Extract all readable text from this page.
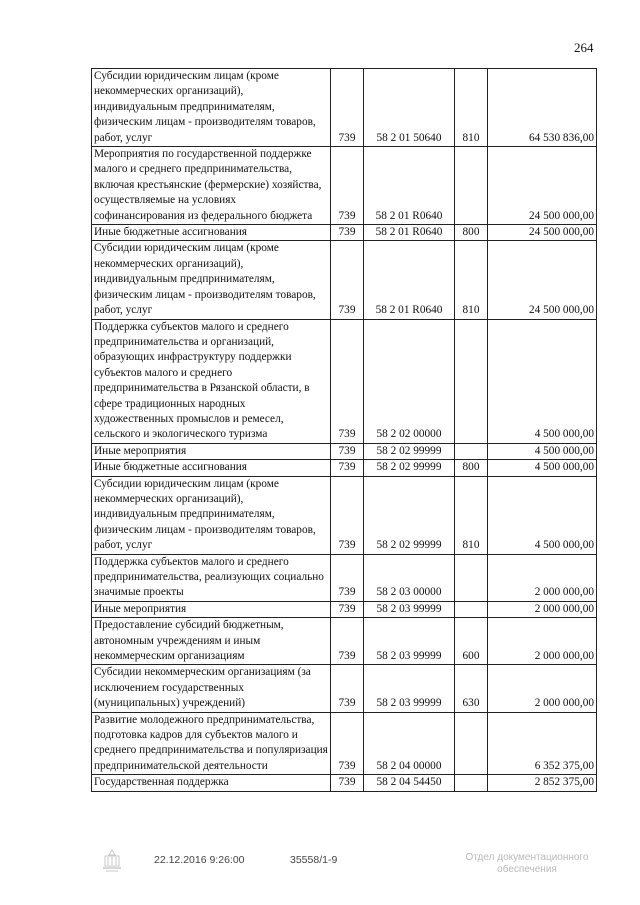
264
Субсидии юридическим лицам (кроме некоммерческих организаций), индивидуальным предпринимателям, физическим лицам - производителям товаров, работ, услуг	739	58 2 01 50640	810	64 530 836,00

Мероприятия по государственной поддержке малого и среднего предпринимательства, включая крестьянские (фермерские) хозяйства, осуществляемые на условиях софинансирования из федерального бюджета	739	58 2 01 R0640		24 500 000,00

Иные бюджетные ассигнования	739	58 2 01 R0640	800	24 500 000,00

Субсидии юридическим лицам (кроме некоммерческих организаций), индивидуальным предпринимателям, физическим лицам - производителям товаров, работ, услуг	739	58 2 01 R0640	810	24 500 000,00

Поддержка субъектов малого и среднего предпринимательства и организаций, образующих инфраструктуру поддержки субъектов малого и среднего предпринимательства в Рязанской области, в сфере традиционных народных художественных промыслов и ремесел, сельского и экологического туризма	739	58 2 02 00000		4 500 000,00

Иные мероприятия	739	58 2 02 99999		4 500 000,00

Иные бюджетные ассигнования	739	58 2 02 99999	800	4 500 000,00

Субсидии юридическим лицам (кроме некоммерческих организаций), индивидуальным предпринимателям, физическим лицам - производителям товаров, работ, услуг	739	58 2 02 99999	810	4 500 000,00

Поддержка субъектов малого и среднего предпринимательства, реализующих социально значимые проекты	739	58 2 03 00000		2 000 000,00

Иные мероприятия	739	58 2 03 99999		2 000 000,00

Предоставление субсидий бюджетным, автономным учреждениям и иным некоммерческим организациям	739	58 2 03 99999	600	2 000 000,00

Субсидии некоммерческим организациям (за исключением государственных (муниципальных) учреждений)	739	58 2 03 99999	630	2 000 000,00

Развитие молодежного предпринимательства, подготовка кадров для субъектов малого и среднего предпринимательства и популяризация предпринимательской деятельности	739	58 2 04 00000		6 352 375,00

Государственная поддержка	739	58 2 04 54450		2 852 375,00
22.12.2016 9:26:00	35558/1-9	Отдел документационного
обеспечения
